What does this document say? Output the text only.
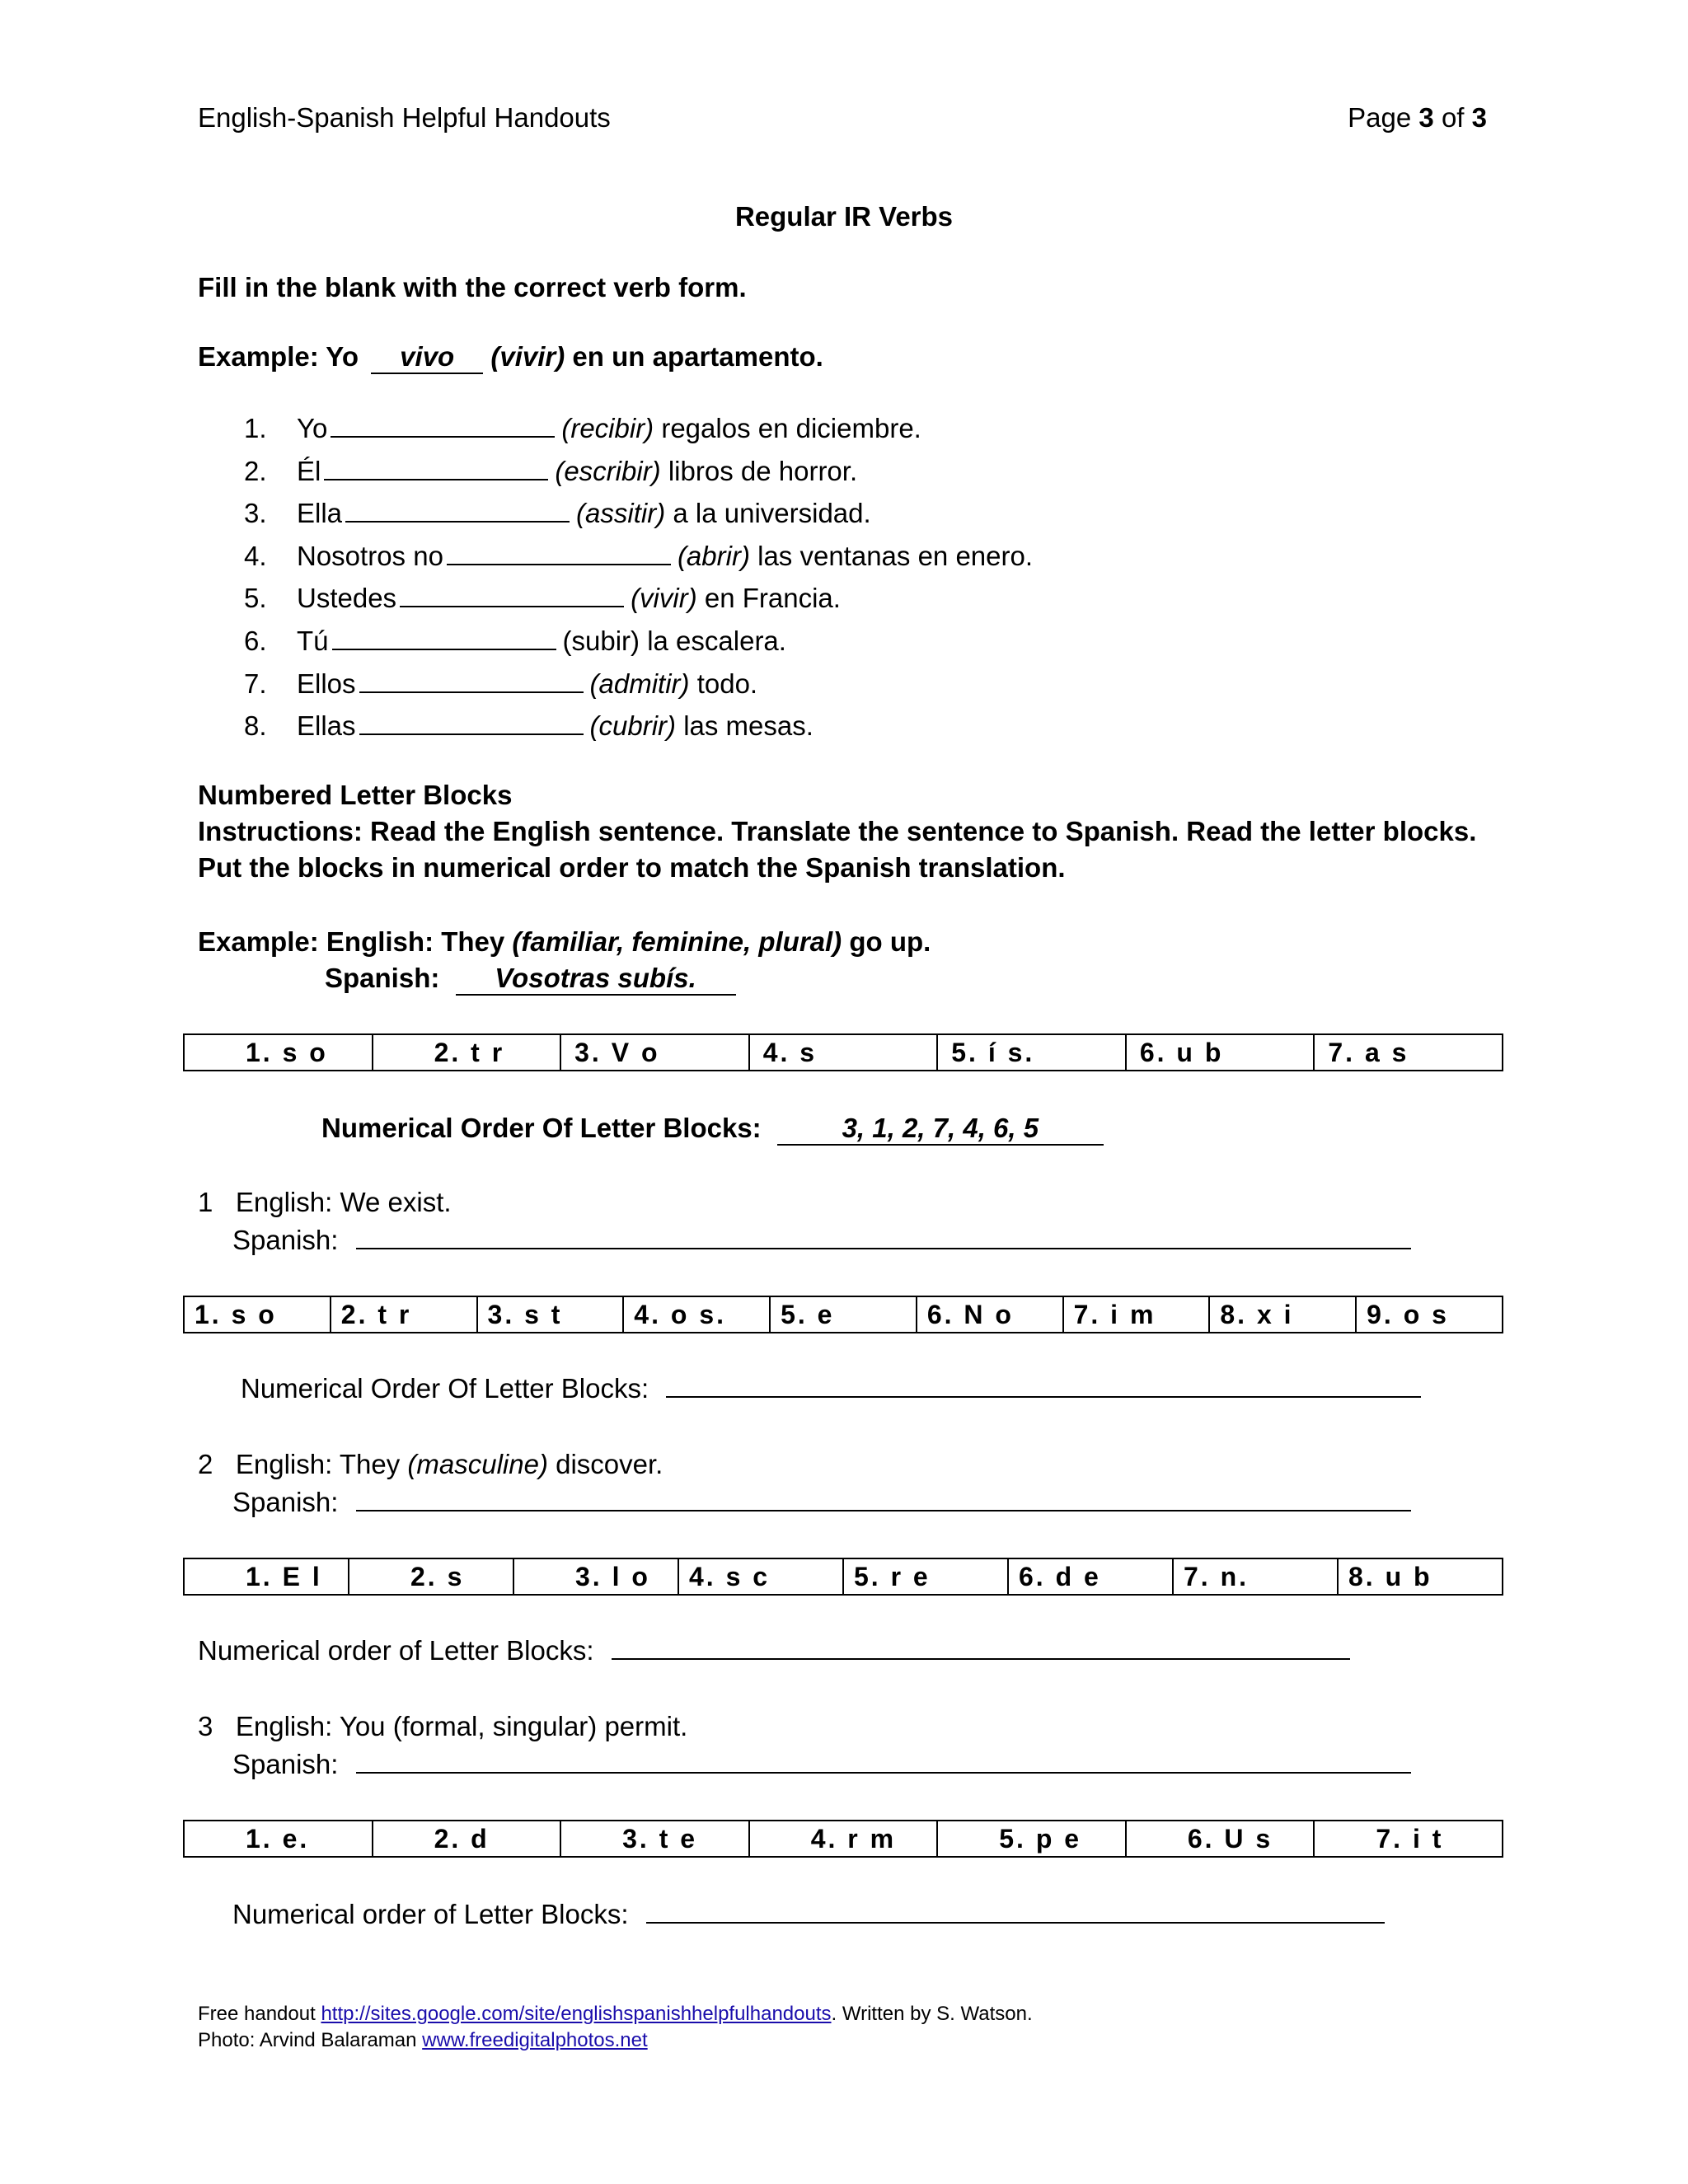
English-Spanish Helpful Handouts	Page 3 of 3
Regular IR Verbs
Fill in the blank with the correct verb form.
Example: Yo vivo (vivir) en un apartamento.
1. Yo	(recibir) regalos en diciembre.
2. Él	(escribir) libros de horror.
3. Ella	(assitir) a la universidad.
4. Nosotros no	(abrir) las ventanas en enero.
5. Ustedes	(vivir) en Francia.
6. Tú	(subir) la escalera.
7. Ellos	(admitir) todo.
8. Ellas	(cubrir) las mesas.
Numbered Letter Blocks
Instructions: Read the English sentence. Translate the sentence to Spanish. Read the letter blocks.
Put the blocks in numerical order to match the Spanish translation.
Example: English: They (familiar, feminine, plural) go up.
Spanish: Vosotras subís.
1. s o	2. t r	3. V o	4. s	5. í s.	6. u b	7. a s
Numerical Order Of Letter Blocks:	3, 1, 2, 7, 4, 6, 5
1 English: We exist.
Spanish:
1. s o	2. t r	3. s t	4. o s.	5. e	6. N o	7. i m	8. x i	9. o s
Numerical Order Of Letter Blocks:
2 English: They (masculine) discover.
Spanish:
1. E l	2. s	3. l o	4. s c	5. r e	6. d e	7. n.	8. u b
Numerical order of Letter Blocks:
3 English: You (formal, singular) permit.
Spanish:
1. e.	2. d	3. t e	4. r m	5. p e	6. U s	7. i t
Numerical order of Letter Blocks:
Free handout http://sites.google.com/site/englishspanishhelpfulhandouts. Written by S. Watson.
Photo: Arvind Balaraman www.freedigitalphotos.net
